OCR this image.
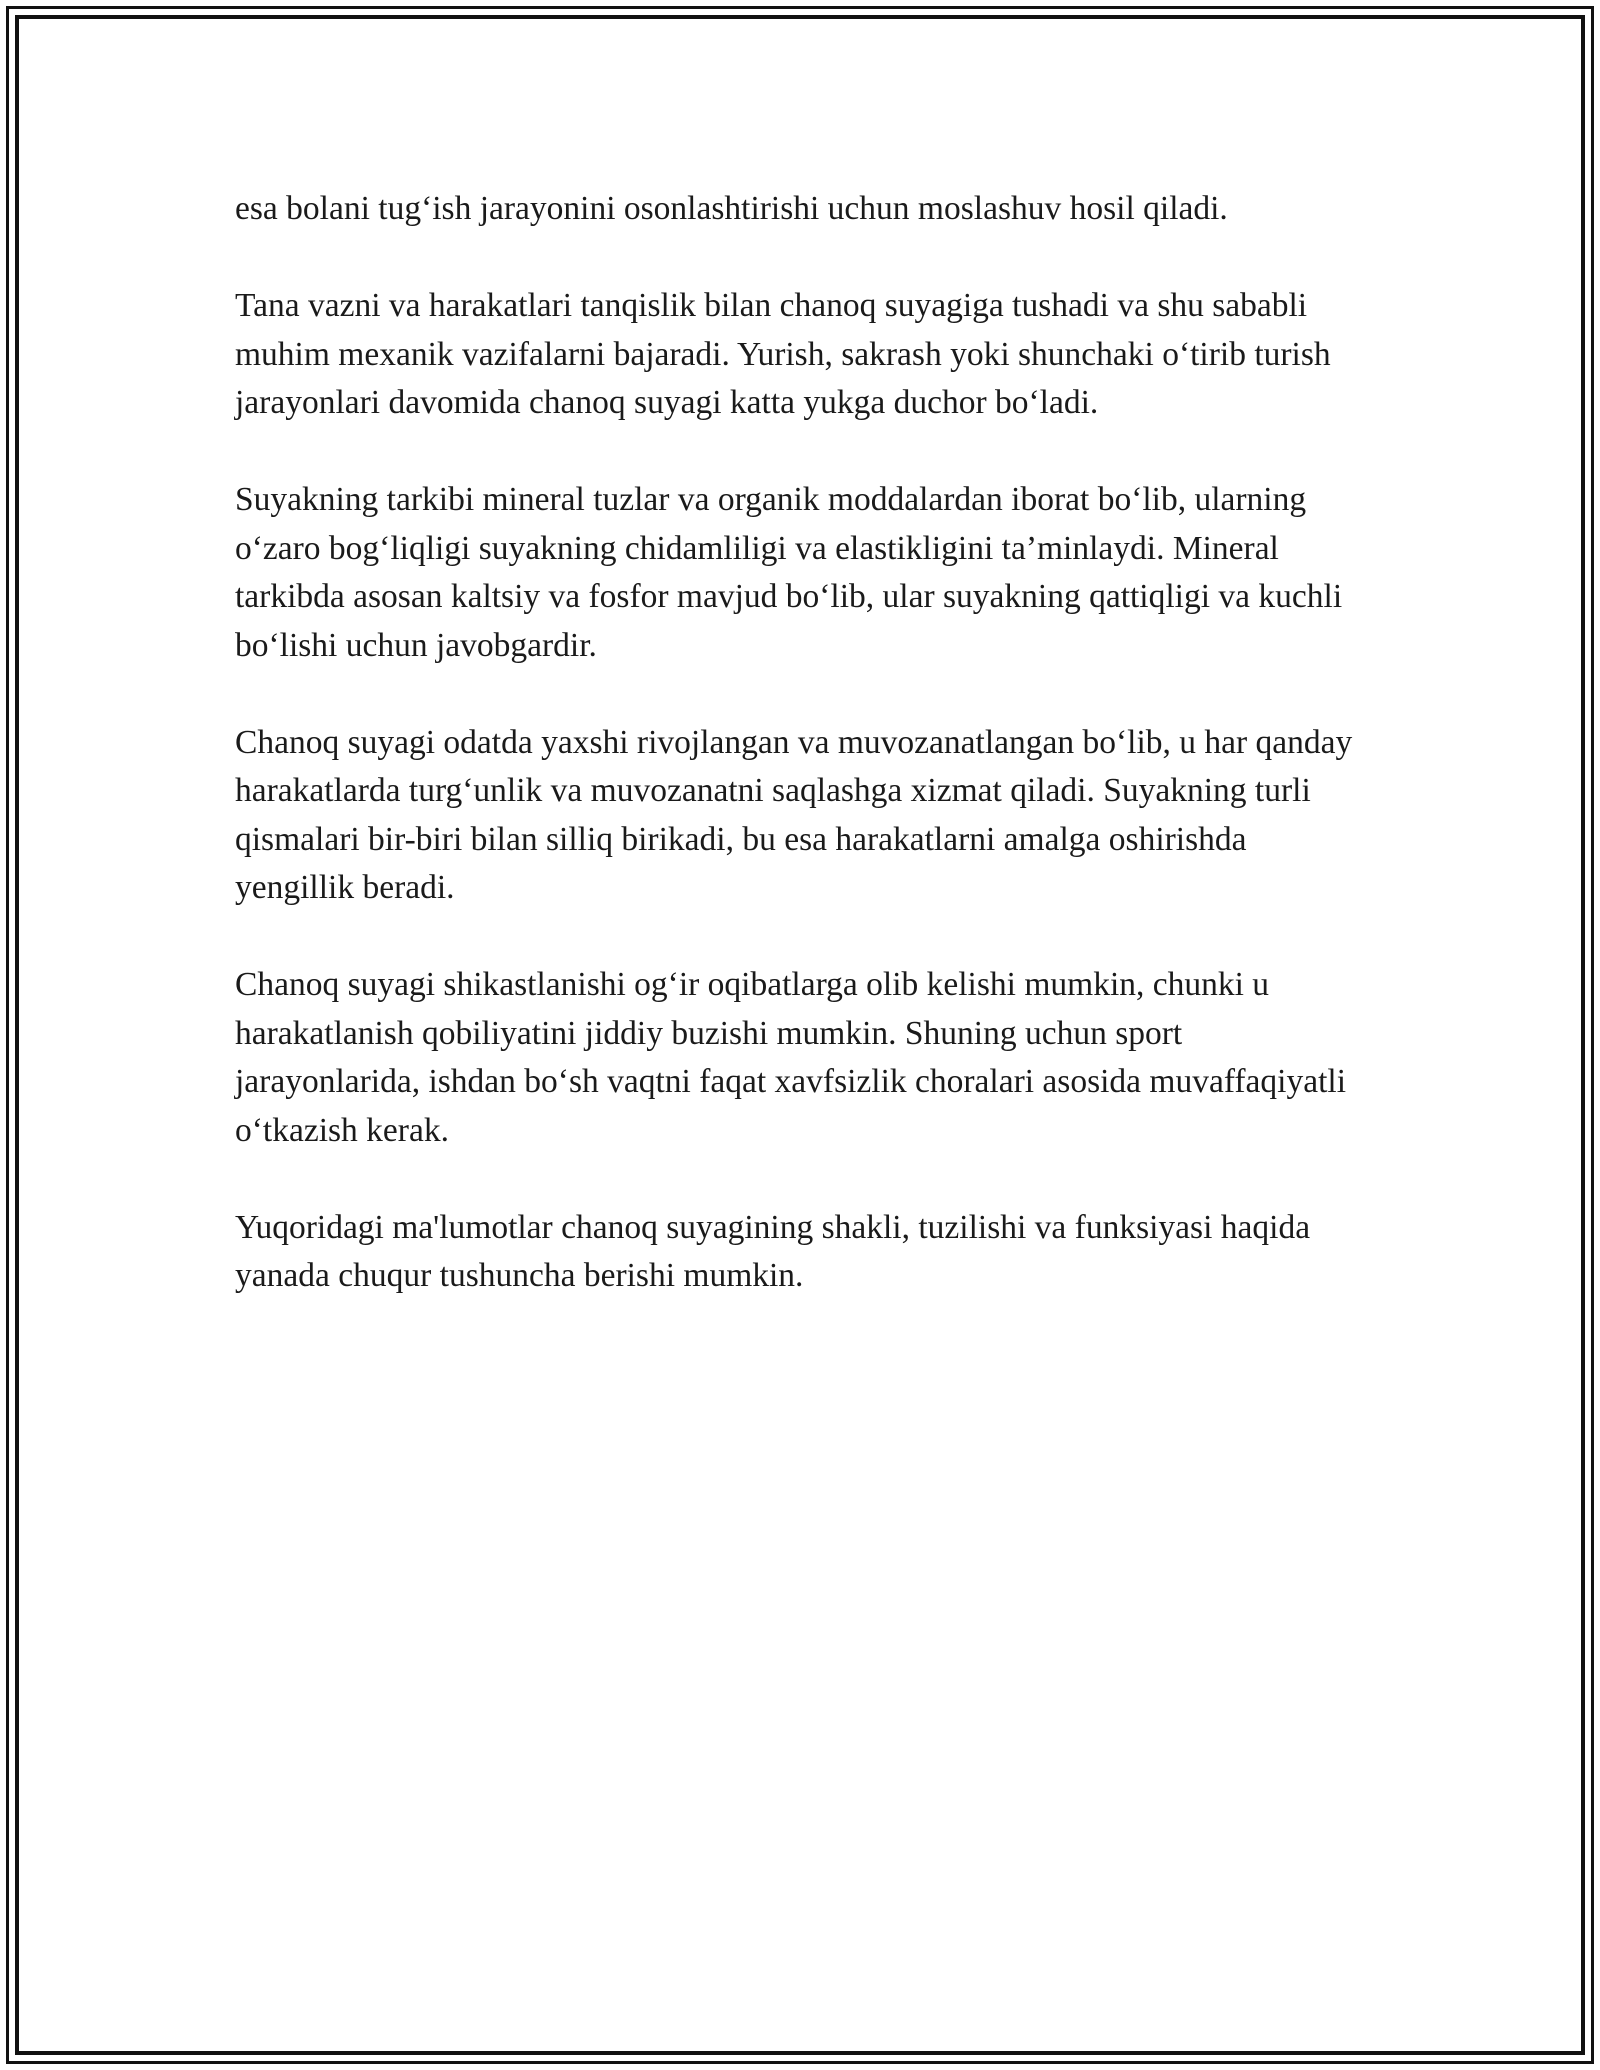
esa bolani tug‘ish jarayonini osonlashtirishi uchun moslashuv hosil qiladi.

Tana vazni va harakatlari tanqislik bilan chanoq suyagiga tushadi va shu sababli muhim mexanik vazifalarni bajaradi. Yurish, sakrash yoki shunchaki o‘tirib turish jarayonlari davomida chanoq suyagi katta yukga duchor bo‘ladi.

Suyakning tarkibi mineral tuzlar va organik moddalardan iborat bo‘lib, ularning o‘zaro bog‘liqligi suyakning chidamliligi va elastikligini ta’minlaydi. Mineral tarkibda asosan kaltsiy va fosfor mavjud bo‘lib, ular suyakning qattiqligi va kuchli bo‘lishi uchun javobgardir.

Chanoq suyagi odatda yaxshi rivojlangan va muvozanatlangan bo‘lib, u har qanday harakatlarda turg‘unlik va muvozanatni saqlashga xizmat qiladi. Suyakning turli qismalari bir-biri bilan silliq birikadi, bu esa harakatlarni amalga oshirishda yengillik beradi.

Chanoq suyagi shikastlanishi og‘ir oqibatlarga olib kelishi mumkin, chunki u harakatlanish qobiliyatini jiddiy buzishi mumkin. Shuning uchun sport jarayonlarida, ishdan bo‘sh vaqtni faqat xavfsizlik choralari asosida muvaffaqiyatli o‘tkazish kerak.

Yuqoridagi ma'lumotlar chanoq suyagining shakli, tuzilishi va funksiyasi haqida yanada chuqur tushuncha berishi mumkin.
